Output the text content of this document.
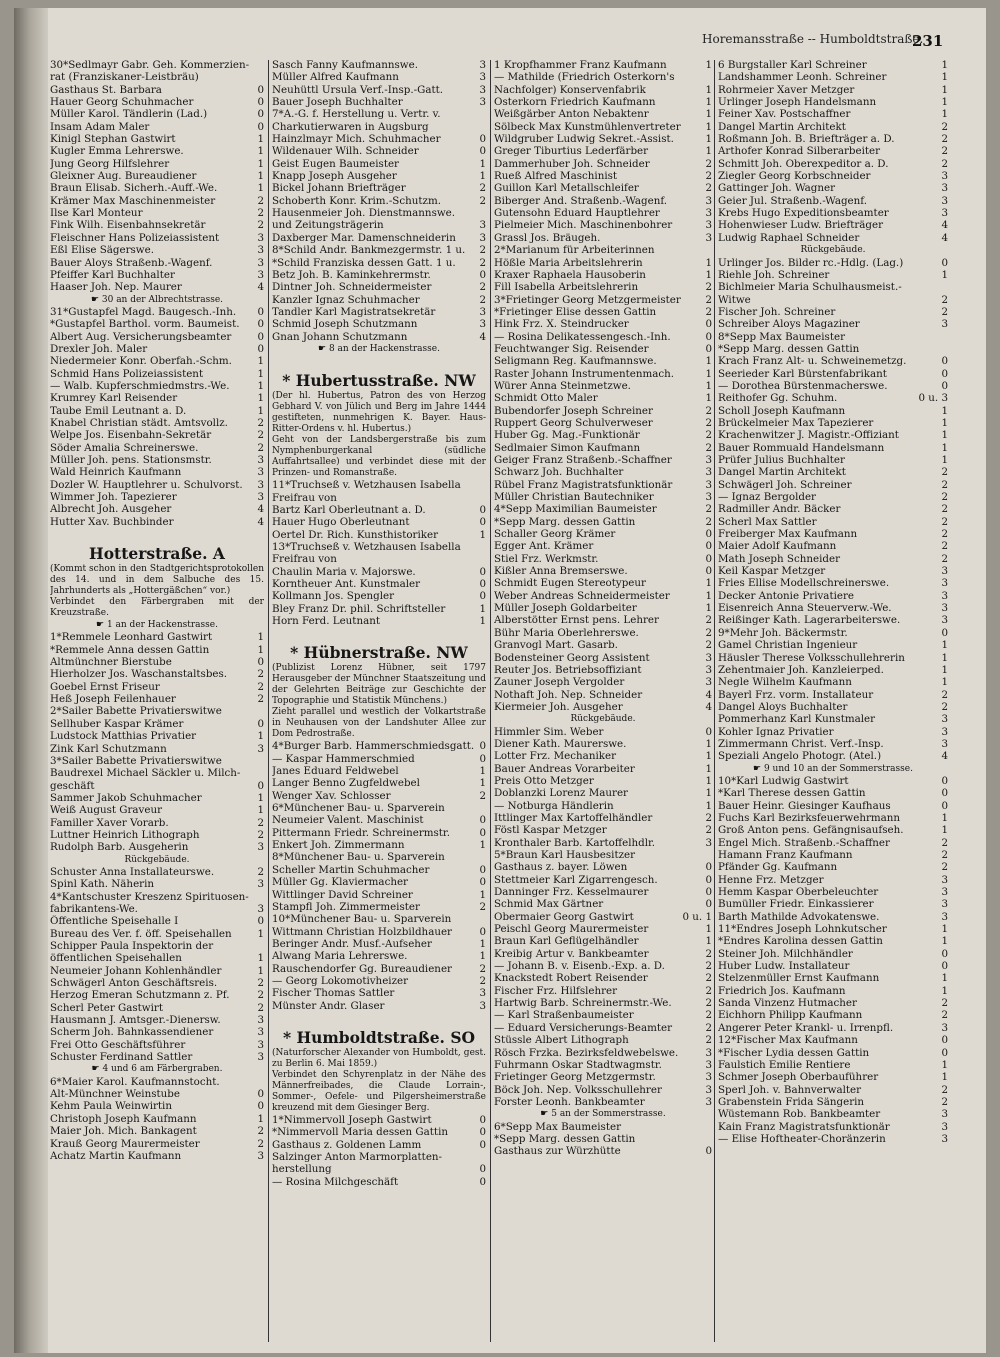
Horemansstraße -- Humboldtstraße.
231
30*Sedlmayr Gabr. Geh. Kommerzien-
rat (Franziskaner-Leistbräu)
Gasthaus St. Barbara	0
Hauer Georg Schuhmacher	0
Müller Karol. Tändlerin (Lad.)	0
Insam Adam Maler	0
Kinigl Stephan Gastwirt	1
Kugler Emma Lehrerswe.	1
Jung Georg Hilfslehrer	1
Gleixner Aug. Bureaudiener	1
Braun Elisab. Sicherh.-Auff.-We.	1
Krämer Max Maschinenmeister	2
Ilse Karl Monteur	2
Fink Wilh. Eisenbahnsekretär	2
Fleischner Hans Polizeiassistent	3
Eßl Elise Sägerswe.	3
Bauer Aloys Straßenb.-Wagenf.	3
Pfeiffer Karl Buchhalter	3
Haaser Joh. Nep. Maurer	4
☛ 30 an der Albrechtstrasse.
31*Gustapfel Magd. Baugesch.-Inh.	0
*Gustapfel Barthol. vorm. Baumeist.	0
Albert Aug. Versicherungsbeamter	0
Drexler Joh. Maler	0
Niedermeier Konr. Oberfah.-Schm.	1
Schmid Hans Polizeiassistent	1
— Walb. Kupferschmiedmstrs.-We.	1
Krumrey Karl Reisender	1
Taube Emil Leutnant a. D.	1
Knabel Christian städt. Amtsvollz.	2
Welpe Jos. Eisenbahn-Sekretär	2
Söder Amalia Schreinerswe.	2
Müller Joh. pens. Stationsmstr.	3
Wald Heinrich Kaufmann	3
Dozler W. Hauptlehrer u. Schulvorst.	3
Wimmer Joh. Tapezierer	3
Albrecht Joh. Ausgeher	4
Hutter Xav. Buchbinder	4
Hotterstraße. A
(Kommt schon in den Stadtgerichtsprotokollen des 14. und in dem Salbuche des 15. Jahrhunderts als „Hottergäßchen“ vor.)
Verbindet den Färbergraben mit der Kreuzstraße.
☛ 1 an der Hackenstrasse.
1*Remmele Leonhard Gastwirt	1
*Remmele Anna dessen Gattin	1
Altmünchner Bierstube	0
Hierholzer Jos. Waschanstaltsbes.	2
Goebel Ernst Friseur	2
Heß Joseph Feilenhauer	2
2*Sailer Babette Privatierswitwe
Sellhuber Kaspar Krämer	0
Ludstock Matthias Privatier	1
Zink Karl Schutzmann	3
3*Sailer Babette Privatierswitwe
Baudrexel Michael Säckler u. Milch-
geschäft	0
Sammer Jakob Schuhmacher	1
Weiß August Graveur	1
Familler Xaver Vorarb.	2
Luttner Heinrich Lithograph	2
Rudolph Barb. Ausgeherin	3
Rückgebäude.
Schuster Anna Installateurswe.	2
Spinl Kath. Näherin	3
4*Kantschuster Kreszenz Spirituosen-
fabrikantens-We.	3
Öffentliche Speisehalle I	0
Bureau des Ver. f. öff. Speisehallen	1
Schipper Paula Inspektorin der
öffentlichen Speisehallen	1
Neumeier Johann Kohlenhändler	1
Schwägerl Anton Geschäftsreis.	2
Herzog Emeran Schutzmann z. Pf.	2
Scherl Peter Gastwirt	2
Hausmann J. Amtsger.-Dienersw.	3
Scherm Joh. Bahnkassendiener	3
Frei Otto Geschäftsführer	3
Schuster Ferdinand Sattler	3
☛ 4 und 6 am Färbergraben.
6*Maier Karol. Kaufmannstocht.
Alt-Münchner Weinstube	0
Kehm Paula Weinwirtin	0
Christoph Joseph Kaufmann	1
Maier Joh. Mich. Bankagent	2
Krauß Georg Maurermeister	2
Achatz Martin Kaufmann	3
Sasch Fanny Kaufmannswe.	3
Müller Alfred Kaufmann	3
Neuhüttl Ursula Verf.-Insp.-Gatt.	3
Bauer Joseph Buchhalter	3
7*A.-G. f. Herstellung u. Vertr. v.
Charkutierwaren in Augsburg
Hainzlmayr Mich. Schuhmacher	0
Wildenauer Wilh. Schneider	0
Geist Eugen Baumeister	1
Knapp Joseph Ausgeher	1
Bickel Johann Briefträger	2
Schoberth Konr. Krim.-Schutzm.	2
Hausenmeier Joh. Dienstmannswe.
und Zeitungsträgerin	3
Daxberger Mar. Damenschneiderin	3
8*Schild Andr. Bankmezgermstr. 1 u.	2
*Schild Franziska dessen Gatt. 1 u.	2
Betz Joh. B. Kaminkehrermstr.	0
Dintner Joh. Schneidermeister	2
Kanzler Ignaz Schuhmacher	2
Tandler Karl Magistratsekretär	3
Schmid Joseph Schutzmann	3
Gnan Johann Schutzmann	4
☛ 8 an der Hackenstrasse.
* Hubertusstraße. NW
(Der hl. Hubertus, Patron des von Herzog Gebhard V. von Jülich und Berg im Jahre 1444 gestifteten, nunmehrigen K. Bayer. Haus-Ritter-Ordens v. hl. Hubertus.)
Geht von der Landsbergerstraße bis zum Nymphenburgerkanal (südliche Auffahrtsallee) und verbindet diese mit der Prinzen- und Romanstraße.
11*Truchseß v. Wetzhausen Isabella
Freifrau von
Bartz Karl Oberleutnant a. D.	0
Hauer Hugo Oberleutnant	0
Oertel Dr. Rich. Kunsthistoriker	1
13*Truchseß v. Wetzhausen Isabella
Freifrau von
Chaulin Maria v. Majorswe.	0
Korntheuer Ant. Kunstmaler	0
Kollmann Jos. Spengler	0
Bley Franz Dr. phil. Schriftsteller	1
Horn Ferd. Leutnant	1
* Hübnerstraße. NW
(Publizist Lorenz Hübner, seit 1797 Herausgeber der Münchner Staatszeitung und der Gelehrten Beiträge zur Geschichte der Topographie und Statistik Münchens.)
Zieht parallel und westlich der Volkartstraße in Neuhausen von der Landshuter Allee zur Dom Pedrostraße.
4*Burger Barb. Hammerschmiedsgatt. 0
— Kaspar Hammerschmied	0
Janes Eduard Feldwebel	1
Langer Benno Zugfeldwebel	1
Wenger Xav. Schlosser	2
6*Münchener Bau- u. Sparverein
Neumeier Valent. Maschinist	0
Pittermann Friedr. Schreinermstr.	0
Enkert Joh. Zimmermann	1
8*Münchener Bau- u. Sparverein
Scheller Martin Schuhmacher	0
Müller Gg. Klaviermacher	0
Wittlinger David Schreiner	1
Stampfl Joh. Zimmermeister	2
10*Münchener Bau- u. Sparverein
Wittmann Christian Holzbildhauer	0
Beringer Andr. Musf.-Aufseher	1
Alwang Maria Lehrerswe.	1
Rauschendorfer Gg. Bureaudiener	2
— Georg Lokomotivheizer	2
Fischer Thomas Sattler	3
Münster Andr. Glaser	3
* Humboldtstraße. SO
(Naturforscher Alexander von Humboldt, gest. zu Berlin 6. Mai 1859.)
Verbindet den Schyrenplatz in der Nähe des Männerfreibades, die Claude Lorrain-, Sommer-, Oefele- und Pilgersheimerstraße kreuzend mit dem Giesinger Berg.
1*Nimmervoll Joseph Gastwirt	0
*Nimmervoll Maria dessen Gattin	0
Gasthaus z. Goldenen Lamm	0
Salzinger Anton Marmorplatten-
herstellung	0
— Rosina Milchgeschäft	0
1 Kropfhammer Franz Kaufmann	1
— Mathilde (Friedrich Osterkorn's
Nachfolger) Konservenfabrik	1
Osterkorn Friedrich Kaufmann	1
Weißgärber Anton Nebaktenr	1
Sölbeck Max Kunstmühlenvertreter	1
Wildgruber Ludwig Sekret.-Assist.	1
Greger Tiburtius Lederfärber	1
Dammerhuber Joh. Schneider	2
Rueß Alfred Maschinist	2
Guillon Karl Metallschleifer	2
Biberger And. Straßenb.-Wagenf.	3
Gutensohn Eduard Hauptlehrer	3
Pielmeier Mich. Maschinenbohrer	3
Grassl Jos. Bräugeh.	3
2*Marianum für Arbeiterinnen
Hößle Maria Arbeitslehrerin	1
Kraxer Raphaela Hausoberin	1
Fill Isabella Arbeitslehrerin	2
3*Frietinger Georg Metzgermeister	2
*Frietinger Elise dessen Gattin	2
Hink Frz. X. Steindrucker	0
— Rosina Delikatessengesch.-Inh.	0
Feuchtwanger Sig. Reisender	0
Seligmann Reg. Kaufmannswe.	1
Raster Johann Instrumentenmach.	1
Würer Anna Steinmetzwe.	1
Schmidt Otto Maler	1
Bubendorfer Joseph Schreiner	2
Ruppert Georg Schulverweser	2
Huber Gg. Mag.-Funktionär	2
Sedlmaier Simon Kaufmann	2
Geiger Franz Straßenb.-Schaffner	3
Schwarz Joh. Buchhalter	3
Rübel Franz Magistratsfunktionär	3
Müller Christian Bautechniker	3
4*Sepp Maximilian Baumeister	2
*Sepp Marg. dessen Gattin	2
Schaller Georg Krämer	0
Egger Ant. Krämer	0
Stiel Frz. Werkmstr.	0
Kißler Anna Bremserswe.	0
Schmidt Eugen Stereotypeur	1
Weber Andreas Schneidermeister	1
Müller Joseph Goldarbeiter	1
Alberstötter Ernst pens. Lehrer	2
Bühr Maria Oberlehrerswe.	2
Granvogl Mart. Gasarb.	2
Bodensteiner Georg Assistent	3
Reuter Jos. Betriebsoffiziant	3
Zauner Joseph Vergolder	3
Nothaft Joh. Nep. Schneider	4
Kiermeier Joh. Ausgeher	4
Rückgebäude.
Himmler Sim. Weber	0
Diener Kath. Maurerswe.	1
Lotter Frz. Mechaniker	1
Bauer Andreas Vorarbeiter	1
Preis Otto Metzger	1
Doblanzki Lorenz Maurer	1
— Notburga Händlerin	1
Ittlinger Max Kartoffelhändler	2
Föstl Kaspar Metzger	2
Kronthaler Barb. Kartoffelhdlr.	3
5*Braun Karl Hausbesitzer
Gasthaus z. bayer. Löwen	0
Stettmeier Karl Zigarrengesch.	0
Danninger Frz. Kesselmaurer	0
Schmid Max Gärtner	0
Obermaier Georg Gastwirt	0 u. 1
Peischl Georg Maurermeister	1
Braun Karl Geflügelhändler	1
Kreibig Artur v. Bankbeamter	2
— Johann B. v. Eisenb.-Exp. a. D.	2
Knackstedt Robert Reisender	2
Fischer Frz. Hilfslehrer	2
Hartwig Barb. Schreinermstr.-We.	2
— Karl Straßenbaumeister	2
— Eduard Versicherungs-Beamter	2
Stüssle Albert Lithograph	2
Rösch Frzka. Bezirksfeldwebelswe.	3
Fuhrmann Oskar Stadtwagmstr.	3
Frietinger Georg Metzgermstr.	3
Böck Joh. Nep. Volksschullehrer	3
Forster Leonh. Bankbeamter	3
☛ 5 an der Sommerstrasse.
6*Sepp Max Baumeister
*Sepp Marg. dessen Gattin
Gasthaus zur Würzhütte	0
6 Burgstaller Karl Schreiner	1
Landshammer Leonh. Schreiner	1
Rohrmeier Xaver Metzger	1
Urlinger Joseph Handelsmann	1
Feiner Xav. Postschaffner	1
Dangel Martin Architekt	2
Roßmann Joh. B. Briefträger a. D.	2
Arthofer Konrad Silberarbeiter	2
Schmitt Joh. Oberexpeditor a. D.	2
Ziegler Georg Korbschneider	3
Gattinger Joh. Wagner	3
Geier Jul. Straßenb.-Wagenf.	3
Krebs Hugo Expeditionsbeamter	3
Hohenwieser Ludw. Briefträger	4
Ludwig Raphael Schneider	4
Rückgebäude.
Urlinger Jos. Bilder rc.-Hdlg. (Lag.)	0
Riehle Joh. Schreiner	1
Bichlmeier Maria Schulhausmeist.-
Witwe	2
Fischer Joh. Schreiner	2
Schreiber Aloys Magaziner	3
8*Sepp Max Baumeister
*Sepp Marg. dessen Gattin
Krach Franz Alt- u. Schweinemetzg.	0
Seerieder Karl Bürstenfabrikant	0
— Dorothea Bürstenmacherswe.	0
Reithofer Gg. Schuhm.	0 u. 3
Scholl Joseph Kaufmann	1
Brückelmeier Max Tapezierer	1
Krachenwitzer J. Magistr.-Offiziant	1
Bauer Rommuald Handelsmann	1
Prüfer Julius Buchhalter	1
Dangel Martin Architekt	2
Schwägerl Joh. Schreiner	2
— Ignaz Bergolder	2
Radmiller Andr. Bäcker	2
Scherl Max Sattler	2
Freiberger Max Kaufmann	2
Maier Adolf Kaufmann	2
Math Joseph Schneider	2
Keil Kaspar Metzger	3
Fries Ellise Modellschreinerswe.	3
Decker Antonie Privatiere	3
Eisenreich Anna Steuerverw.-We.	3
Reißinger Kath. Lagerarbeiterswe.	3
9*Mehr Joh. Bäckermstr.	0
Gamel Christian Ingenieur	1
Häusler Therese Volksschullehrerin	1
Zehentmaier Joh. Kanzleierped.	1
Negle Wilhelm Kaufmann	1
Bayerl Frz. vorm. Installateur	2
Dangel Aloys Buchhalter	2
Pommerhanz Karl Kunstmaler	3
Kohler Ignaz Privatier	3
Zimmermann Christ. Verf.-Insp.	3
Speziali Angelo Photogr. (Atel.)	4
☛ 9 und 10 an der Sommerstrasse.
10*Karl Ludwig Gastwirt	0
*Karl Therese dessen Gattin	0
Bauer Heinr. Giesinger Kaufhaus	0
Fuchs Karl Bezirksfeuerwehrmann	1
Groß Anton pens. Gefängnisaufseh.	1
Engel Mich. Straßenb.-Schaffner	2
Hamann Franz Kaufmann	2
Pfänder Gg. Kaufmann	2
Henne Frz. Metzger	3
Hemm Kaspar Oberbeleuchter	3
Bumüller Friedr. Einkassierer	3
Barth Mathilde Advokatenswe.	3
11*Endres Joseph Lohnkutscher	1
*Endres Karolina dessen Gattin	1
Steiner Joh. Milchhändler	0
Huber Ludw. Installateur	0
Stelzenmüller Ernst Kaufmann	1
Friedrich Jos. Kaufmann	1
Sanda Vinzenz Hutmacher	2
Eichhorn Philipp Kaufmann	2
Angerer Peter Krankl- u. Irrenpfl.	3
12*Fischer Max Kaufmann	0
*Fischer Lydia dessen Gattin	0
Faulstich Emilie Rentiere	1
Schmer Joseph Oberbauführer	1
Sperl Joh. v. Bahnverwalter	2
Grabenstein Frida Sängerin	2
Wüstemann Rob. Bankbeamter	3
Kain Franz Magistratsfunktionär	3
— Elise Hoftheater-Choränzerin	3
